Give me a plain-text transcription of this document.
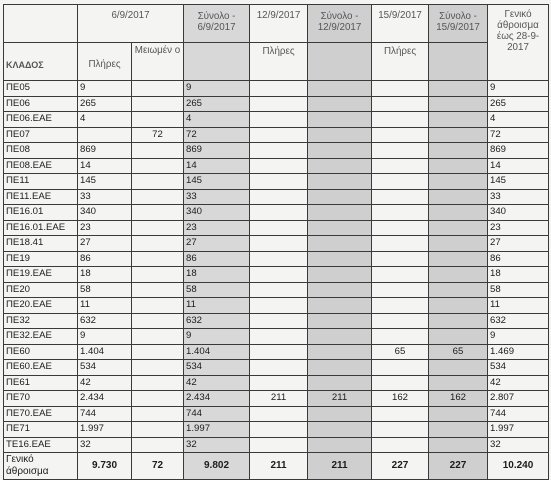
	6/9/2017		Σύνολο - 6/9/2017	12/9/2017	Σύνολο - 12/9/2017	15/9/2017	Σύνολο - 15/9/2017	Γενικό άθροισμα έως 28-9-2017
ΚΛΑΔΟΣ	Πλήρες	Μειωμέν ο		Πλήρες		Πλήρες		
ΠΕ05	9		9					9
ΠΕ06	265		265					265
ΠΕ06.ΕΑΕ	4		4					4
ΠΕ07		72	72					72
ΠΕ08	869		869					869
ΠΕ08.ΕΑΕ	14		14					14
ΠΕ11	145		145					145
ΠΕ11.ΕΑΕ	33		33					33
ΠΕ16.01	340		340					340
ΠΕ16.01.ΕΑΕ	23		23					23
ΠΕ18.41	27		27					27
ΠΕ19	86		86					86
ΠΕ19.ΕΑΕ	18		18					18
ΠΕ20	58		58					58
ΠΕ20.ΕΑΕ	11		11					11
ΠΕ32	632		632					632
ΠΕ32.ΕΑΕ	9		9					9
ΠΕ60	1.404		1.404			65	65	1.469
ΠΕ60.ΕΑΕ	534		534					534
ΠΕ61	42		42					42
ΠΕ70	2.434		2.434	211	211	162	162	2.807
ΠΕ70.ΕΑΕ	744		744					744
ΠΕ71	1.997		1.997					1.997
ΤΕ16.ΕΑΕ	32		32					32
Γενικό άθροισμα	9.730	72	9.802	211	211	227	227	10.240
